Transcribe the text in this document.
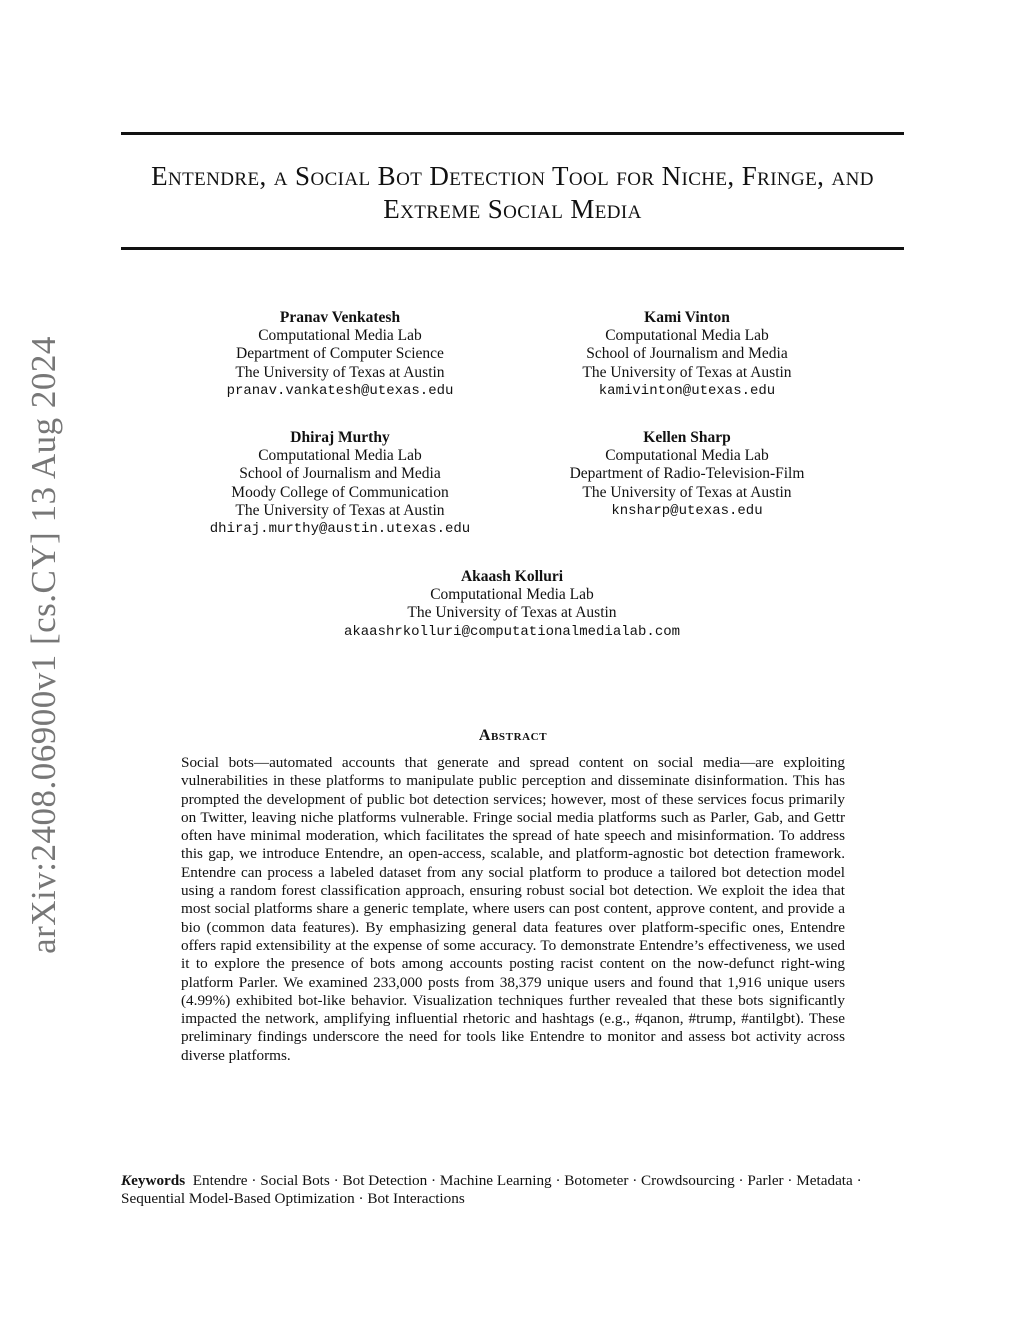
arXiv:2408.06900v1 [cs.CY] 13 Aug 2024
Entendre, a Social Bot Detection Tool for Niche, Fringe, and Extreme Social Media
Pranav Venkatesh
Computational Media Lab
Department of Computer Science
The University of Texas at Austin
pranav.vankatesh@utexas.edu
Kami Vinton
Computational Media Lab
School of Journalism and Media
The University of Texas at Austin
kamivinton@utexas.edu
Dhiraj Murthy
Computational Media Lab
School of Journalism and Media
Moody College of Communication
The University of Texas at Austin
dhiraj.murthy@austin.utexas.edu
Kellen Sharp
Computational Media Lab
Department of Radio-Television-Film
The University of Texas at Austin
knsharp@utexas.edu
Akaash Kolluri
Computational Media Lab
The University of Texas at Austin
akaashrkolluri@computationalmedialab.com
Abstract

Social bots—automated accounts that generate and spread content on social media—are exploiting vulnerabilities in these platforms to manipulate public perception and disseminate disinformation. This has prompted the development of public bot detection services; however, most of these services focus primarily on Twitter, leaving niche platforms vulnerable. Fringe social media platforms such as Parler, Gab, and Gettr often have minimal moderation, which facilitates the spread of hate speech and misinformation. To address this gap, we introduce Entendre, an open-access, scalable, and platform-agnostic bot detection framework. Entendre can process a labeled dataset from any social platform to produce a tailored bot detection model using a random forest classification approach, ensuring robust social bot detection. We exploit the idea that most social platforms share a generic template, where users can post content, approve content, and provide a bio (common data features). By emphasizing general data features over platform-specific ones, Entendre offers rapid extensibility at the expense of some accuracy. To demonstrate Entendre’s effectiveness, we used it to explore the presence of bots among accounts posting racist content on the now-defunct right-wing platform Parler. We examined 233,000 posts from 38,379 unique users and found that 1,916 unique users (4.99%) exhibited bot-like behavior. Visualization techniques further revealed that these bots significantly impacted the network, amplifying influential rhetoric and hashtags (e.g., #qanon, #trump, #antilgbt). These preliminary findings underscore the need for tools like Entendre to monitor and assess bot activity across diverse platforms.

Keywords Entendre · Social Bots · Bot Detection · Machine Learning · Botometer · Crowdsourcing · Parler · Metadata · Sequential Model-Based Optimization · Bot Interactions
